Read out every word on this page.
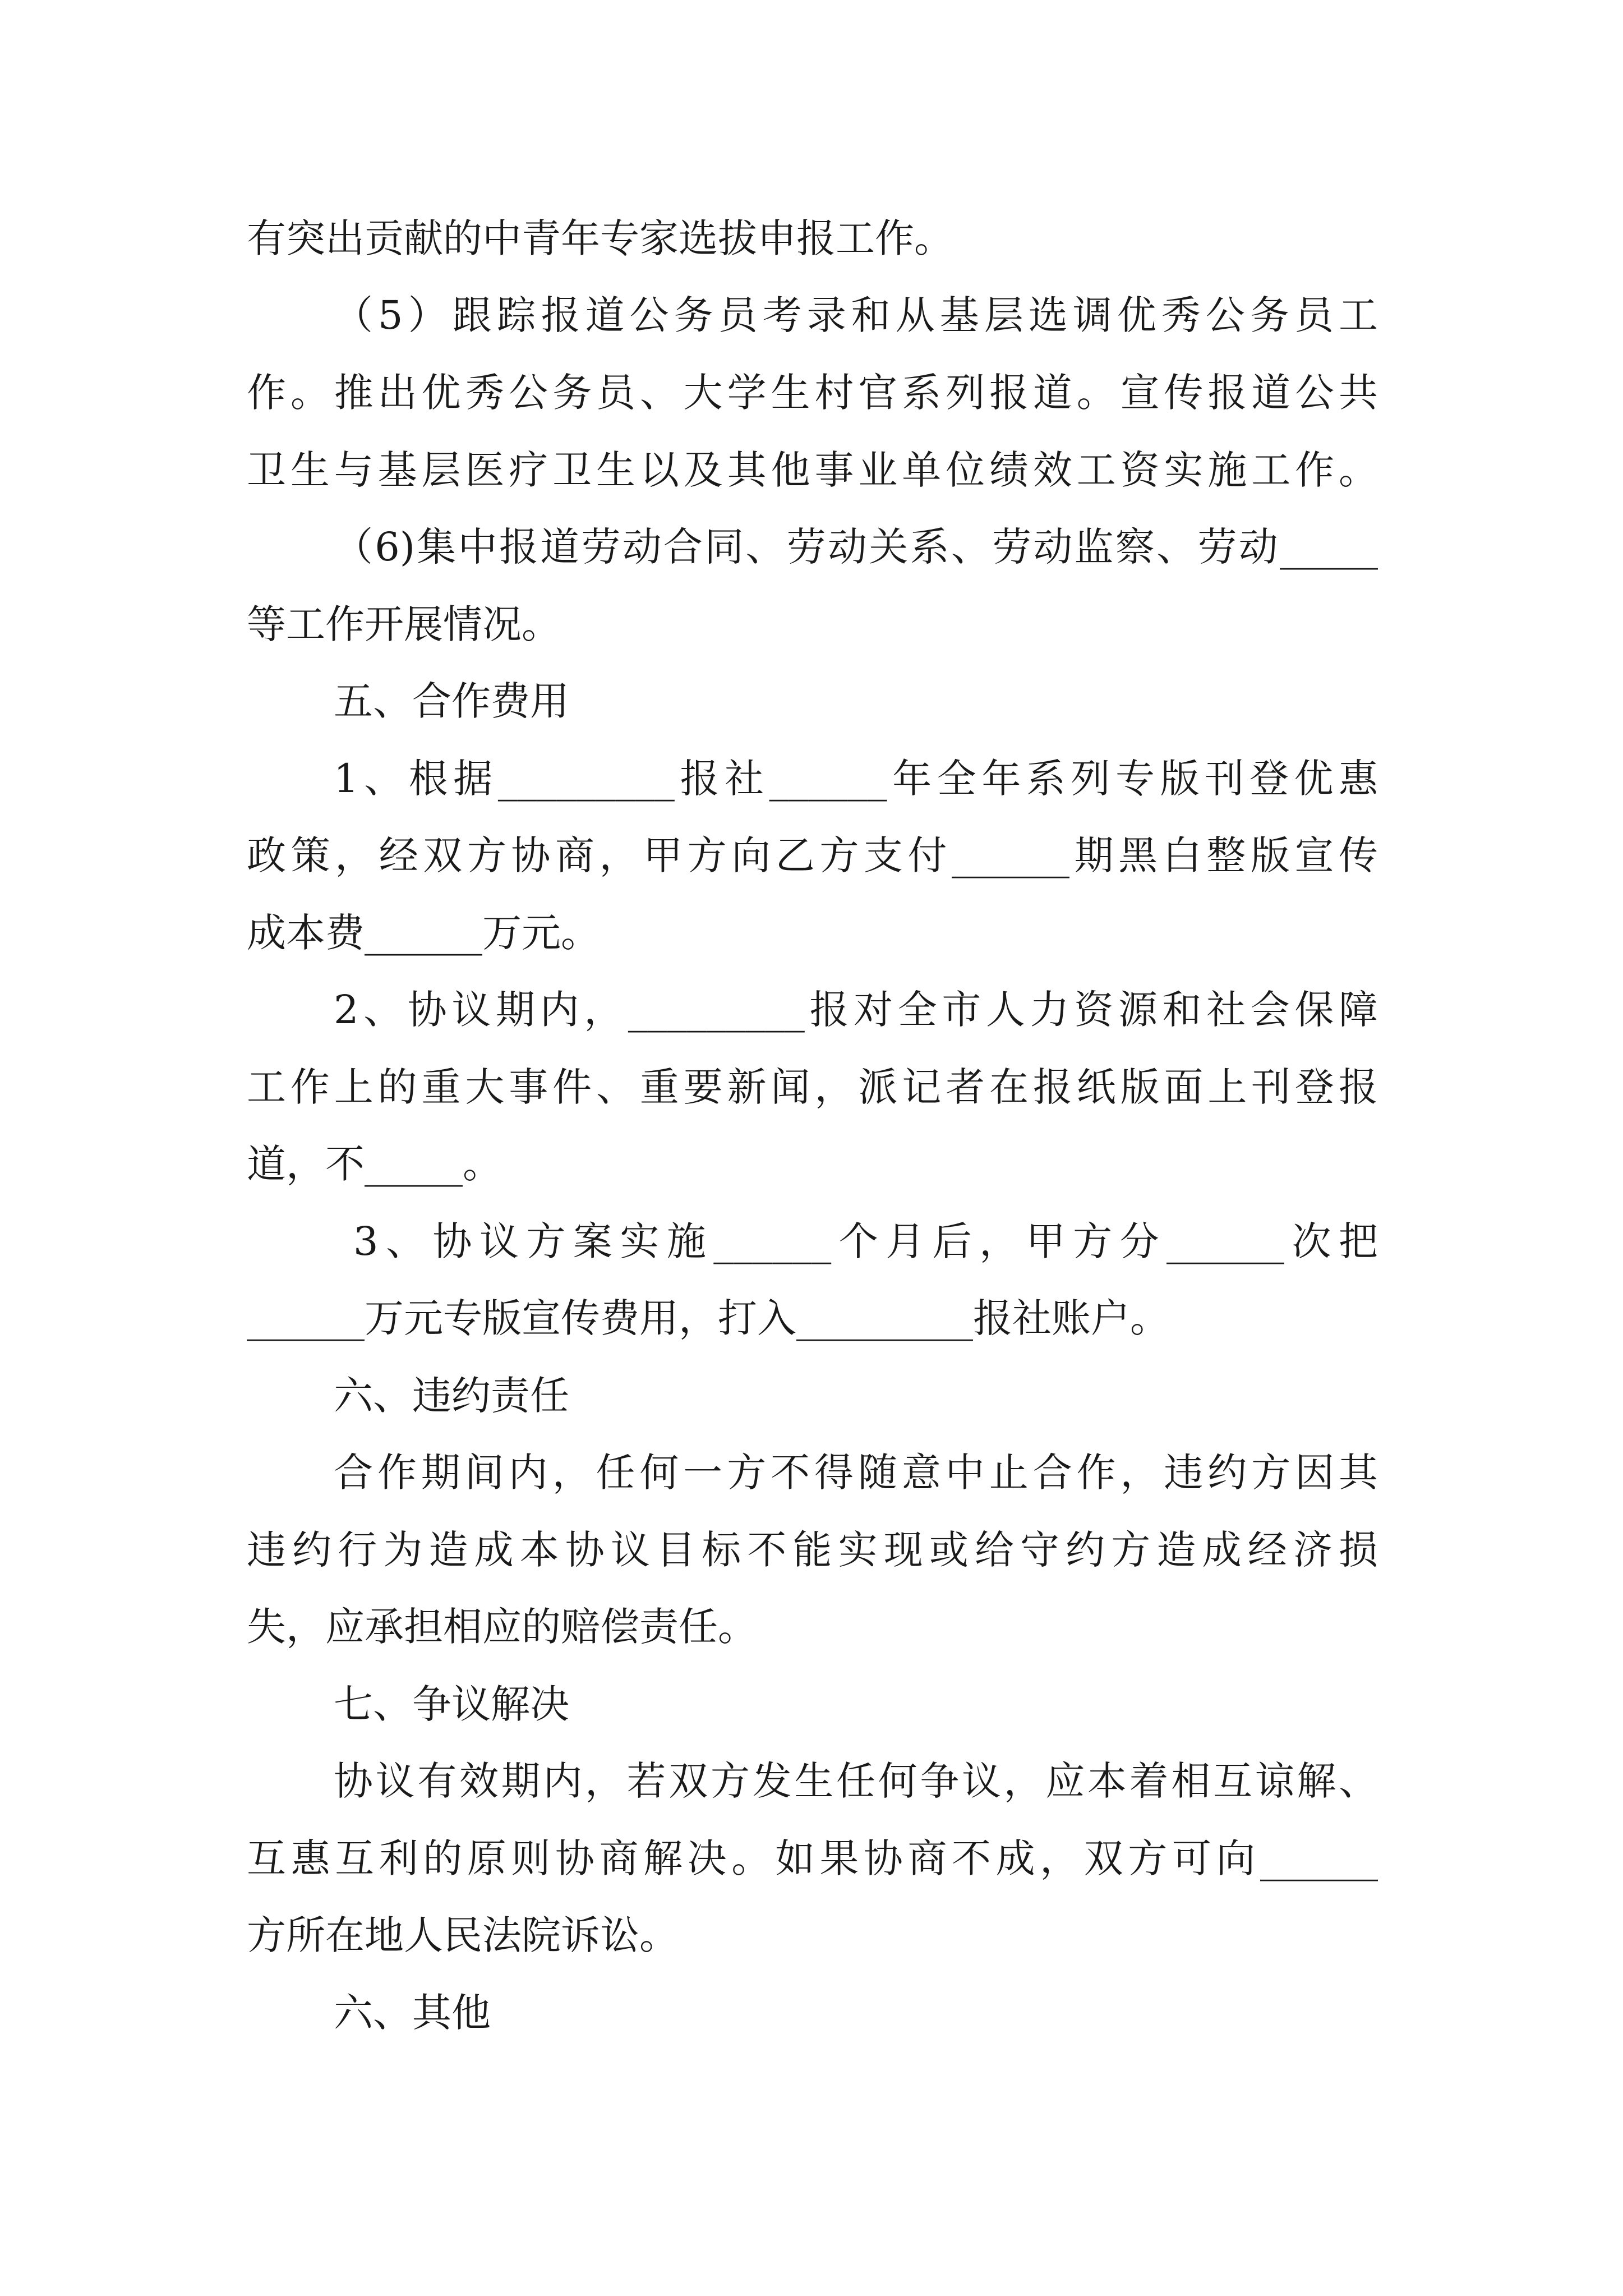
有突出贡献的中青年专家选拔申报工作。
（5）跟踪报道公务员考录和从基层选调优秀公务员工
作。推出优秀公务员、大学生村官系列报道。宣传报道公共
卫生与基层医疗卫生以及其他事业单位绩效工资实施工作。
（6)集中报道劳动合同、劳动关系、劳动监察、劳动_____
等工作开展情况。
五、合作费用
1、根据_________报社______年全年系列专版刊登优惠
政策，经双方协商，甲方向乙方支付______期黑白整版宣传
成本费______万元。
2、协议期内，_________报对全市人力资源和社会保障
工作上的重大事件、重要新闻，派记者在报纸版面上刊登报
道，不_____。
3、协议方案实施______个月后，甲方分______次把
______万元专版宣传费用，打入_________报社账户。
六、违约责任
合作期间内，任何一方不得随意中止合作，违约方因其
违约行为造成本协议目标不能实现或给守约方造成经济损
失，应承担相应的赔偿责任。
七、争议解决
协议有效期内，若双方发生任何争议，应本着相互谅解、
互惠互利的原则协商解决。如果协商不成，双方可向______
方所在地人民法院诉讼。
六、其他
